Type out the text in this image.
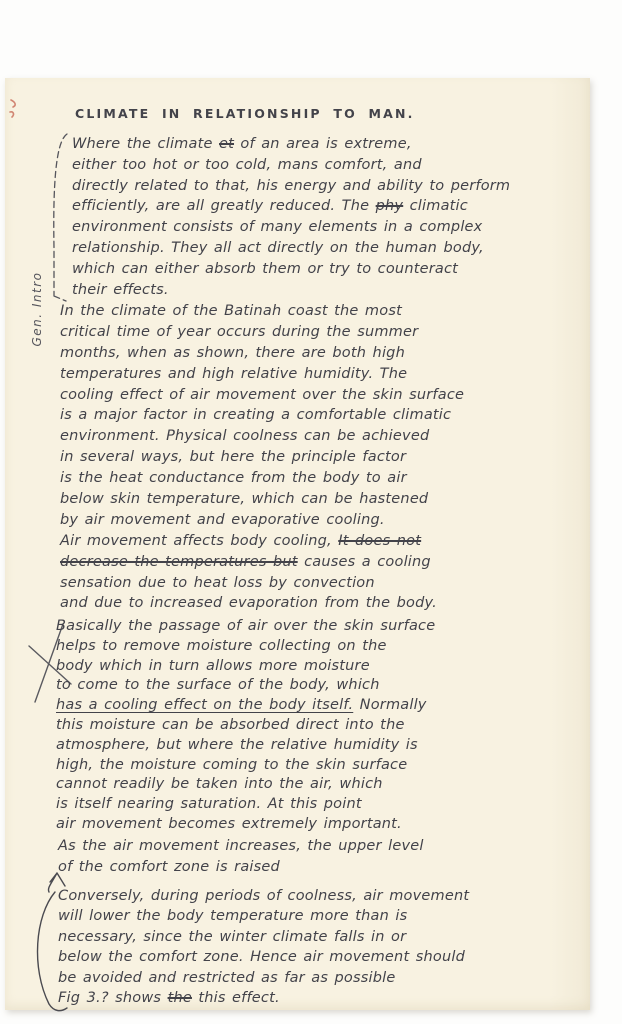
Gen. Intro
CLIMATE IN RELATIONSHIP TO MAN.
Where the climate et of an area is extreme,
either too hot or too cold, mans comfort, and
directly related to that, his energy and ability to perform
efficiently, are all greatly reduced. The phy climatic
environment consists of many elements in a complex
relationship. They all act directly on the human body,
which can either absorb them or try to counteract
their effects.
In the climate of the Batinah coast the most
critical time of year occurs during the summer
months, when as shown, there are both high
temperatures and high relative humidity. The
cooling effect of air movement over the skin surface
is a major factor in creating a comfortable climatic
environment. Physical coolness can be achieved
in several ways, but here the principle factor
is the heat conductance from the body to air
below skin temperature, which can be hastened
by air movement and evaporative cooling.
Air movement affects body cooling, It does not
decrease the temperatures but causes a cooling
sensation due to heat loss by convection
and due to increased evaporation from the body.
Basically the passage of air over the skin surface
helps to remove moisture collecting on the
body which in turn allows more moisture
to come to the surface of the body, which
has a cooling effect on the body itself. Normally
this moisture can be absorbed direct into the
atmosphere, but where the relative humidity is
high, the moisture coming to the skin surface
cannot readily be taken into the air, which
is itself nearing saturation. At this point
air movement becomes extremely important.
As the air movement increases, the upper level
of the comfort zone is raised
Conversely, during periods of coolness, air movement
will lower the body temperature more than is
necessary, since the winter climate falls in or
below the comfort zone. Hence air movement should
be avoided and restricted as far as possible
Fig 3.? shows the this effect.
